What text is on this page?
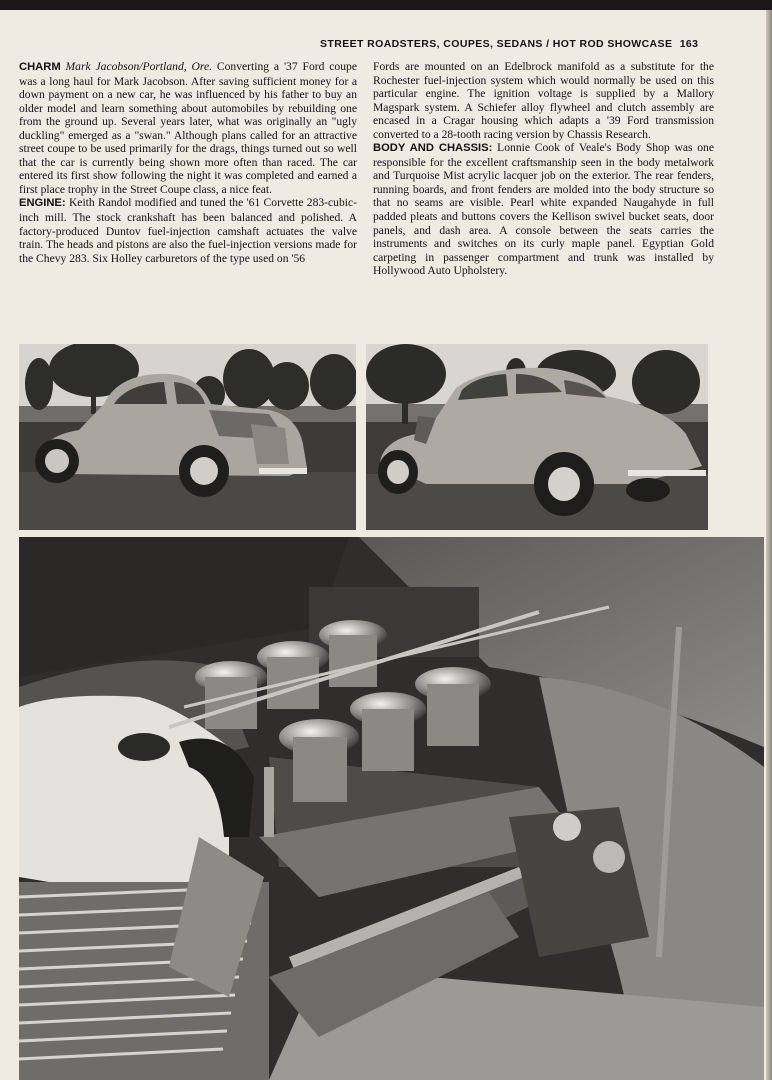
STREET ROADSTERS, COUPES, SEDANS / HOT ROD SHOWCASE 163

CHARM Mark Jacobson/Portland, Ore. Converting a '37 Ford coupe was a long haul for Mark Jacobson. After saving sufficient money for a down payment on a new car, he was influenced by his father to buy an older model and learn something about automobiles by rebuilding one from the ground up. Several years later, what was originally an "ugly duckling" emerged as a "swan." Although plans called for an attractive street coupe to be used primarily for the drags, things turned out so well that the car is currently being shown more often than raced. The car entered its first show following the night it was completed and earned a first place trophy in the Street Coupe class, a nice feat.

ENGINE: Keith Randol modified and tuned the '61 Corvette 283-cubic-inch mill. The stock crankshaft has been balanced and polished. A factory-produced Duntov fuel-injection camshaft actuates the valve train. The heads and pistons are also the fuel-injection versions made for the Chevy 283. Six Holley carburetors of the type used on '56

Fords are mounted on an Edelbrock manifold as a substitute for the Rochester fuel-injection system which would normally be used on this particular engine. The ignition voltage is supplied by a Mallory Magspark system. A Schiefer alloy flywheel and clutch assembly are encased in a Cragar housing which adapts a '39 Ford transmission converted to a 28-tooth racing version by Chassis Research.

BODY AND CHASSIS: Lonnie Cook of Veale's Body Shop was one responsible for the excellent craftsmanship seen in the body metalwork and Turquoise Mist acrylic lacquer job on the exterior. The rear fenders, running boards, and front fenders are molded into the body structure so that no seams are visible. Pearl white expanded Naugahyde in full padded pleats and buttons covers the Kellison swivel bucket seats, door panels, and dash area. A console between the seats carries the instruments and switches on its curly maple panel. Egyptian Gold carpeting in passenger compartment and trunk was installed by Hollywood Auto Upholstery.
